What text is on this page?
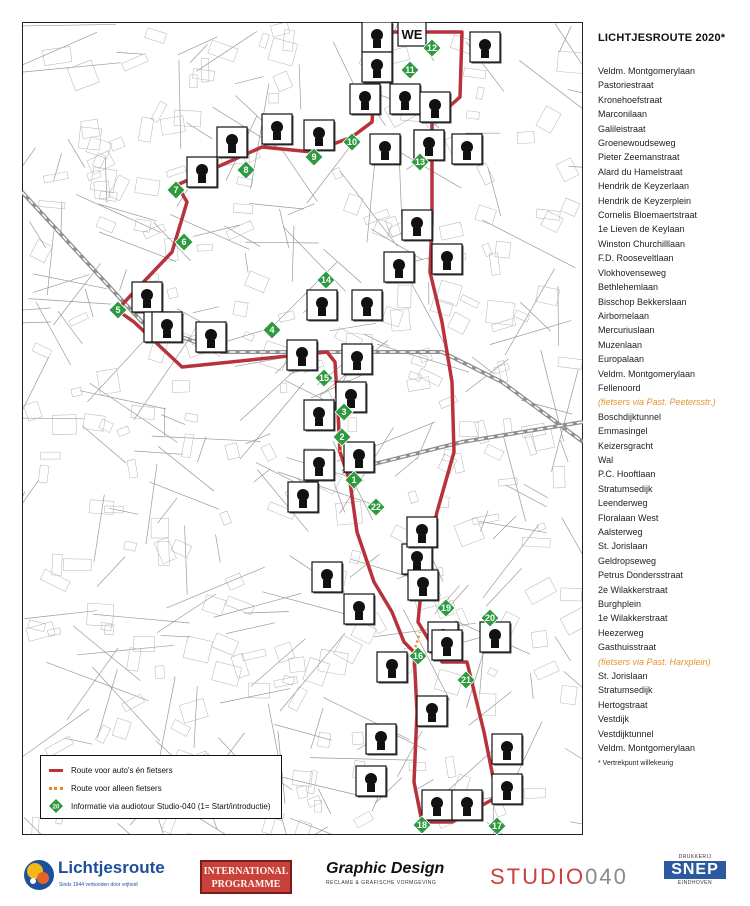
WE
1
2
3
4
5
6
7
8
9
10
11
12
13
14
15
16
17
18
19
20
21
22
Route voor auto's én fietsers
Route voor alleen fietsers
20 Informatie via audiotour Studio-040 (1= Start/introductie)
LICHTJESROUTE 2020*
Veldm. Montgomerylaan
Pastoriestraat
Kronehoefstraat
Marconilaan
Galileistraat
Groenewoudseweg
Pieter Zeemanstraat
Alard du Hamelstraat
Hendrik de Keyzerlaan
Hendrik de Keyzerplein
Cornelis Bloemaertstraat
1e Lieven de Keylaan
Winston Churchilllaan
F.D. Rooseveltlaan
Vlokhovenseweg
Bethlehemlaan
Bisschop Bekkerslaan
Airbornelaan
Mercuriuslaan
Muzenlaan
Europalaan
Veldm. Montgomerylaan
Fellenoord
(fietsers via Past. Peetersstr.)
Boschdijktunnel
Emmasingel
Keizersgracht
Wal
P.C. Hooftlaan
Stratumsedijk
Leenderweg
Floralaan West
Aalsterweg
St. Jorislaan
Geldropseweg
Petrus Dondersstraat
2e Wilakkerstraat
Burghplein
1e Wilakkerstraat
Heezerweg
Gasthuisstraat
(fietsers via Past. Harxplein)
St. Jorislaan
Stratumsedijk
Hertogstraat
Vestdijk
Vestdijktunnel
Veldm. Montgomerylaan
* Vertrekpunt willekeurig
Lichtjesroute
Sinds 1944 verbonden door vrijheid
INTERNATIONAL PROGRAMME
Graphic Design
RECLAME & GRAFISCHE VORMGEVING	STUDIO040
DRUKKERIJ
SNEP
EINDHOVEN
